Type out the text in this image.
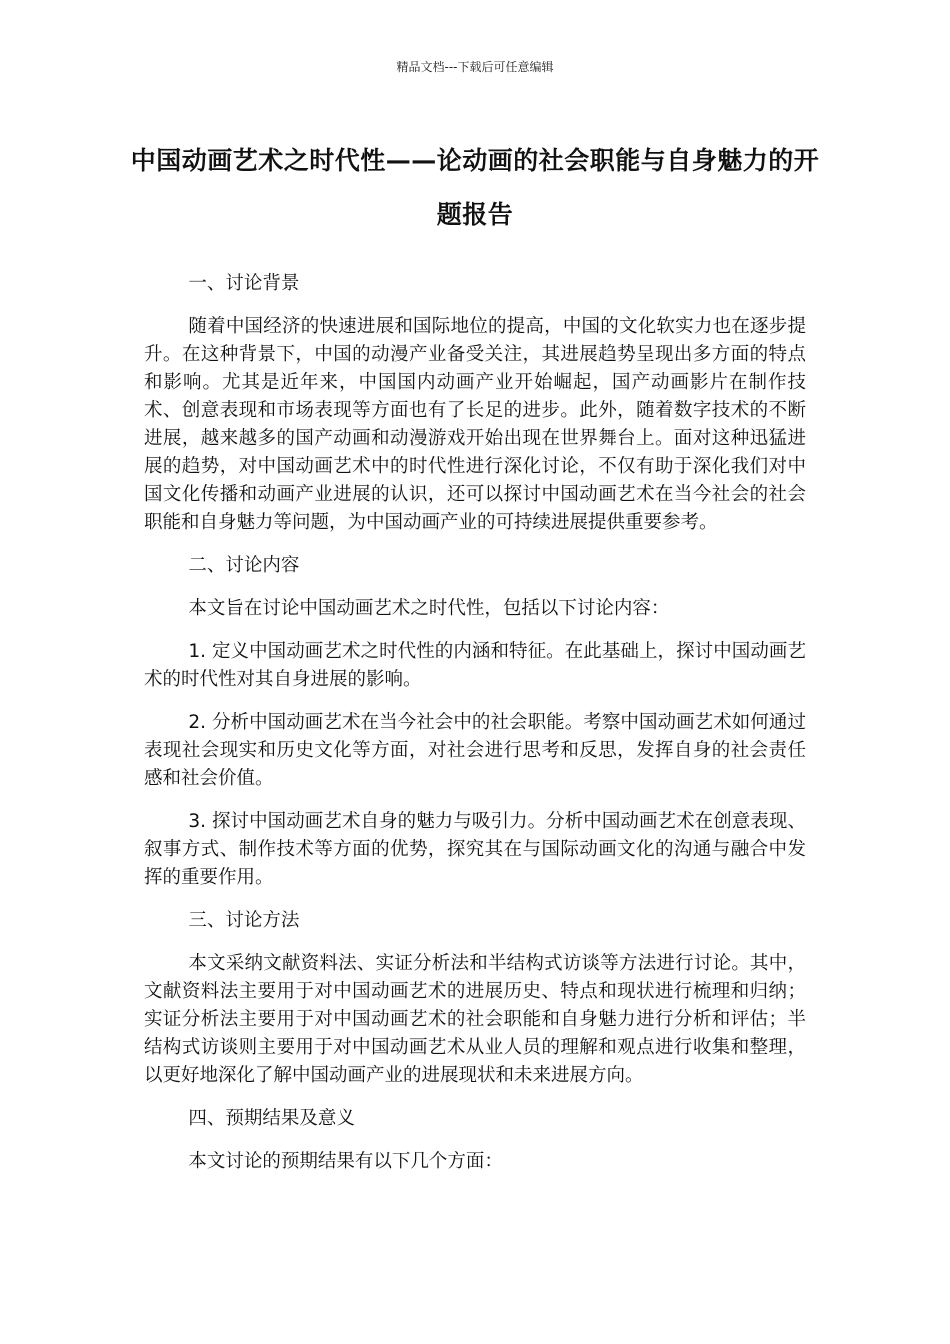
精品文档---下载后可任意编辑
中国动画艺术之时代性——论动画的社会职能与自身魅力的开题报告

一、讨论背景

随着中国经济的快速进展和国际地位的提高，中国的文化软实力也在逐步提升。在这种背景下，中国的动漫产业备受关注，其进展趋势呈现出多方面的特点和影响。尤其是近年来，中国国内动画产业开始崛起，国产动画影片在制作技术、创意表现和市场表现等方面也有了长足的进步。此外，随着数字技术的不断进展，越来越多的国产动画和动漫游戏开始出现在世界舞台上。面对这种迅猛进展的趋势，对中国动画艺术中的时代性进行深化讨论，不仅有助于深化我们对中国文化传播和动画产业进展的认识，还可以探讨中国动画艺术在当今社会的社会职能和自身魅力等问题，为中国动画产业的可持续进展提供重要参考。

二、讨论内容

本文旨在讨论中国动画艺术之时代性，包括以下讨论内容：

1. 定义中国动画艺术之时代性的内涵和特征。在此基础上，探讨中国动画艺术的时代性对其自身进展的影响。

2. 分析中国动画艺术在当今社会中的社会职能。考察中国动画艺术如何通过表现社会现实和历史文化等方面，对社会进行思考和反思，发挥自身的社会责任感和社会价值。

3. 探讨中国动画艺术自身的魅力与吸引力。分析中国动画艺术在创意表现、叙事方式、制作技术等方面的优势，探究其在与国际动画文化的沟通与融合中发挥的重要作用。

三、讨论方法

本文采纳文献资料法、实证分析法和半结构式访谈等方法进行讨论。其中，文献资料法主要用于对中国动画艺术的进展历史、特点和现状进行梳理和归纳；实证分析法主要用于对中国动画艺术的社会职能和自身魅力进行分析和评估；半结构式访谈则主要用于对中国动画艺术从业人员的理解和观点进行收集和整理，以更好地深化了解中国动画产业的进展现状和未来进展方向。

四、预期结果及意义

本文讨论的预期结果有以下几个方面：
